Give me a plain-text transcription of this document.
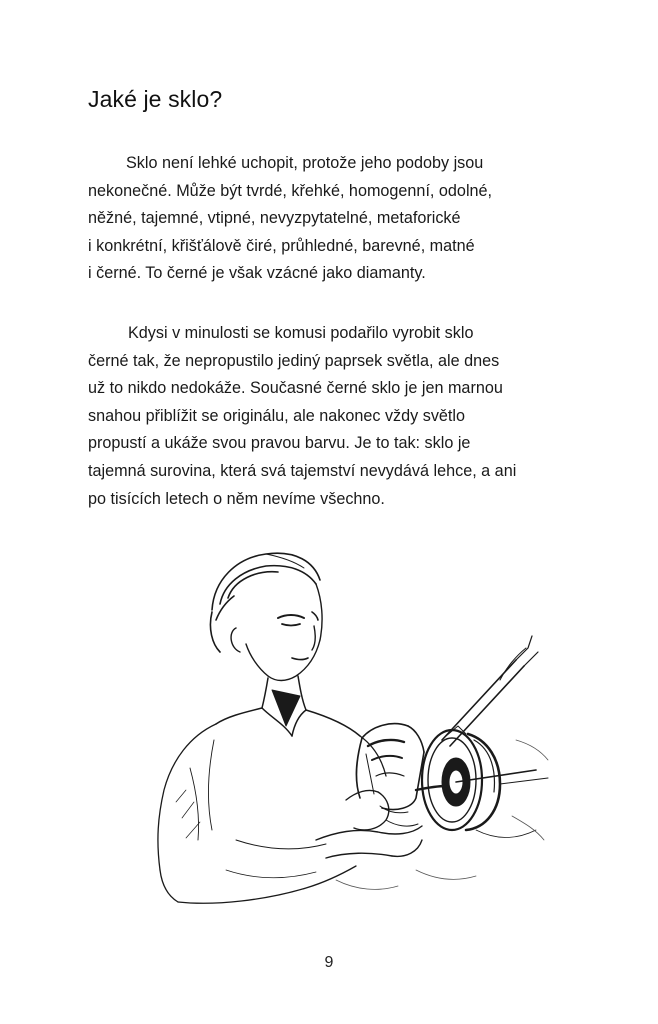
Jaké je sklo?
Sklo není lehké uchopit, protože jeho podoby jsou
nekonečné. Může být tvrdé, křehké, homogenní, odolné,
něžné, tajemné, vtipné, nevyzpytatelné, metaforické
i konkrétní, křišťálově čiré, průhledné, barevné, matné
i černé. To černé je však vzácné jako diamanty.
Kdysi v minulosti se komusi podařilo vyrobit sklo
černé tak, že nepropustilo jediný paprsek světla, ale dnes
už to nikdo nedokáže. Současné černé sklo je jen marnou
snahou přiblížit se originálu, ale nakonec vždy světlo
propustí a ukáže svou pravou barvu. Je to tak: sklo je
tajemná surovina, která svá tajemství nevydává lehce, a ani
po tisících letech o něm nevíme všechno.
9
